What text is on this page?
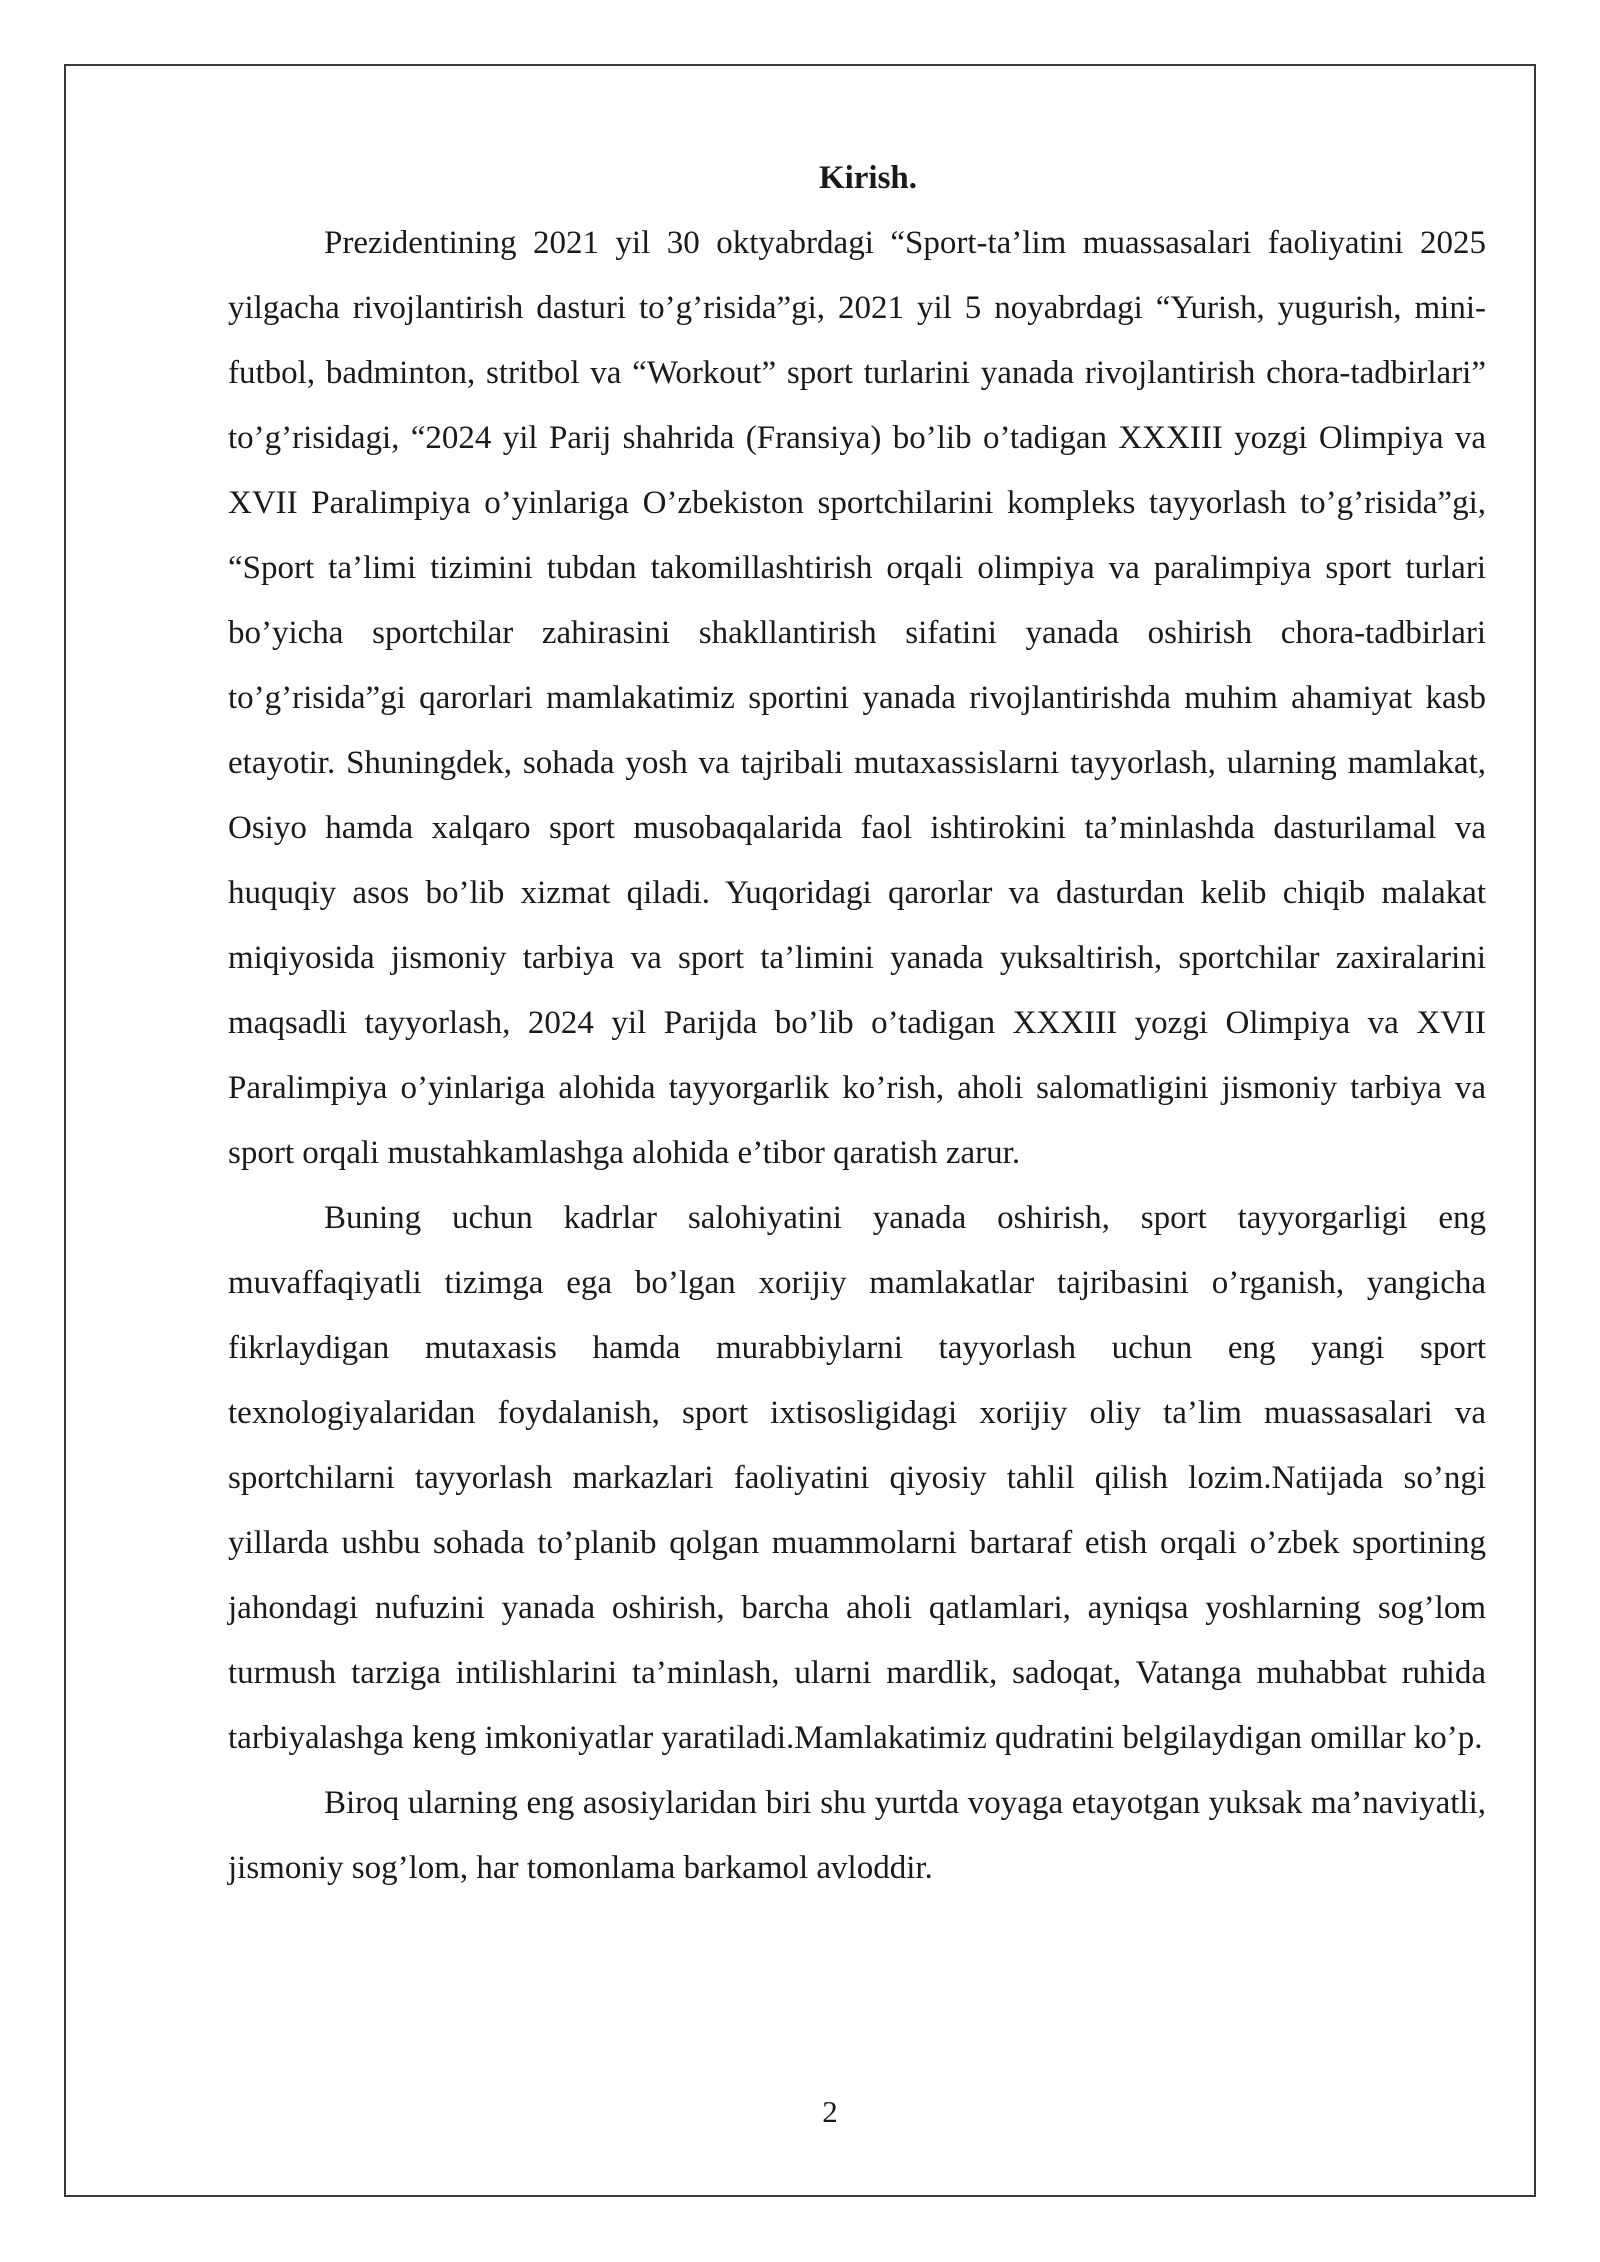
Kirish.

Prezidentining 2021 yil 30 oktyabrdagi “Sport-ta’lim muassasalari faoliyatini 2025 yilgacha rivojlantirish dasturi to’g’risida”gi, 2021 yil 5 noyabrdagi “Yurish, yugurish, mini-futbol, badminton, stritbol va “Workout” sport turlarini yanada rivojlantirish chora-tadbirlari” to’g’risidagi, “2024 yil Parij shahrida (Fransiya) bo’lib o’tadigan XXXIII yozgi Olimpiya va XVII Paralimpiya o’yinlariga O’zbekiston sportchilarini kompleks tayyorlash to’g’risida”gi, “Sport ta’limi tizimini tubdan takomillashtirish orqali olimpiya va paralimpiya sport turlari bo’yicha sportchilar zahirasini shakllantirish sifatini yanada oshirish chora-tadbirlari to’g’risida”gi qarorlari mamlakatimiz sportini yanada rivojlantirishda muhim ahamiyat kasb etayotir. Shuningdek, sohada yosh va tajribali mutaxassislarni tayyorlash, ularning mamlakat, Osiyo hamda xalqaro sport musobaqalarida faol ishtirokini ta’minlashda dasturilamal va huquqiy asos bo’lib xizmat qiladi. Yuqoridagi qarorlar va dasturdan kelib chiqib malakat miqiyosida jismoniy tarbiya va sport ta’limini yanada yuksaltirish, sportchilar zaxiralarini maqsadli tayyorlash, 2024 yil Parijda bo’lib o’tadigan XXXIII yozgi Olimpiya va XVII Paralimpiya o’yinlariga alohida tayyorgarlik ko’rish, aholi salomatligini jismoniy tarbiya va sport orqali mustahkamlashga alohida e’tibor qaratish zarur.

Buning uchun kadrlar salohiyatini yanada oshirish, sport tayyorgarligi eng muvaffaqiyatli tizimga ega bo’lgan xorijiy mamlakatlar tajribasini o’rganish, yangicha fikrlaydigan mutaxasis hamda murabbiylarni tayyorlash uchun eng yangi sport texnologiyalaridan foydalanish, sport ixtisosligidagi xorijiy oliy ta’lim muassasalari va sportchilarni tayyorlash markazlari faoliyatini qiyosiy tahlil qilish lozim.Natijada so’ngi yillarda ushbu sohada to’planib qolgan muammolarni bartaraf etish orqali o’zbek sportining jahondagi nufuzini yanada oshirish, barcha aholi qatlamlari, ayniqsa yoshlarning sog’lom turmush tarziga intilishlarini ta’minlash, ularni mardlik, sadoqat, Vatanga muhabbat ruhida tarbiyalashga keng imkoniyatlar yaratiladi.Mamlakatimiz qudratini belgilaydigan omillar ko’p.

Biroq ularning eng asosiylaridan biri shu yurtda voyaga etayotgan yuksak ma’naviyatli, jismoniy sog’lom, har tomonlama barkamol avloddir.

2
